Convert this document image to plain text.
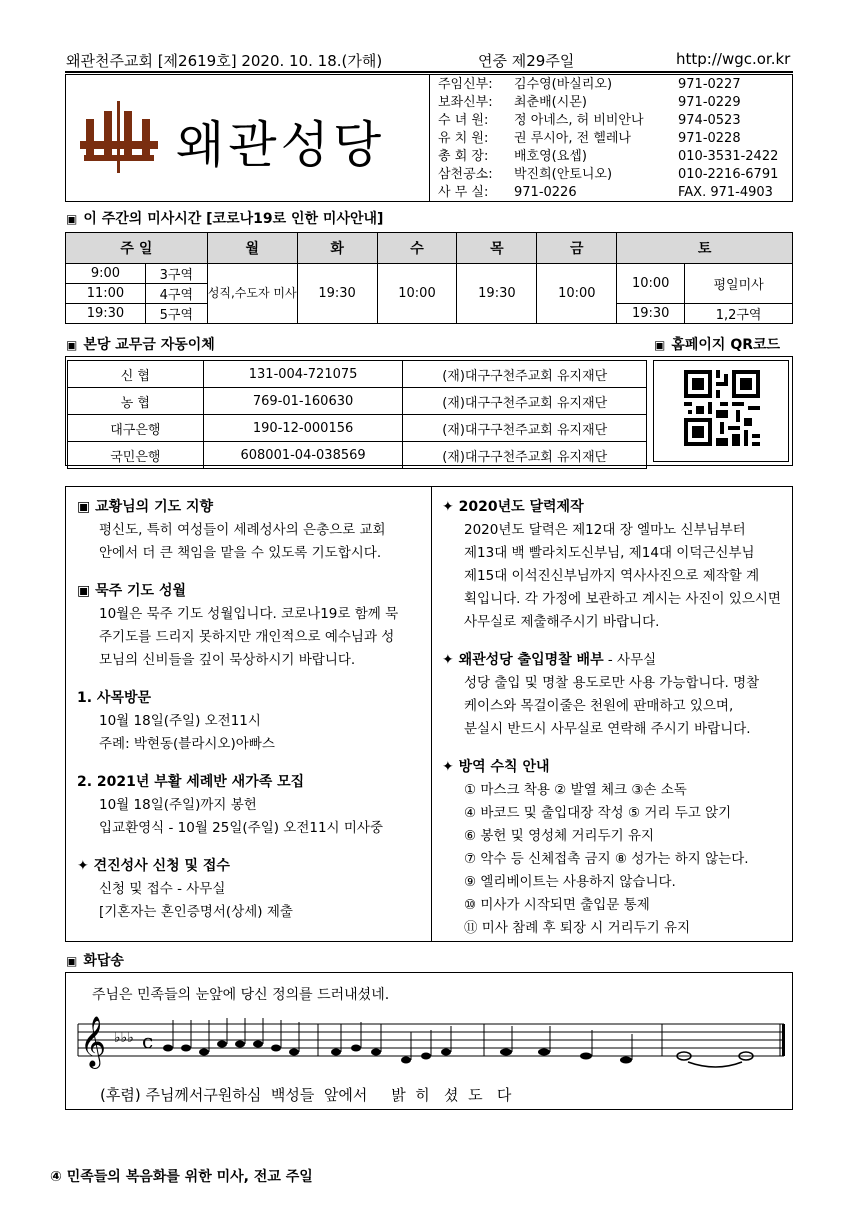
왜관천주교회 [제2619호] 2020. 10. 18.(가해)	연중 제29주일	http://wgc.or.kr
왜관성당
주임신부:	김수영(바실리오)	971-0227
보좌신부:	최춘배(시몬)	971-0229
수 녀 원:	정 아네스, 허 비비안나	974-0523
유 치 원:	권 루시아, 전 헬레나	971-0228
총 회 장:	배호영(요셉)	010-3531-2422
삼천공소:	박진희(안토니오)	010-2216-6791
사 무 실:	971-0226	FAX. 971-4903
▣ 이 주간의 미사시간 [코로나19로 인한 미사안내]
주 일		월	화	수	목	금	토	
9:00	3구역	성직,수도자 미사	19:30	10:00	19:30	10:00	10:00	평일미사
11:00	4구역							
19:30	5구역						19:30	1,2구역
▣ 본당 교무금 자동이체	▣ 홈페이지 QR코드
신 협	131-004-721075	(재)대구구천주교회 유지재단
농 협	769-01-160630	(재)대구구천주교회 유지재단
대구은행	190-12-000156	(재)대구구천주교회 유지재단
국민은행	608001-04-038569	(재)대구구천주교회 유지재단
▣ 교황님의 기도 지향
평신도, 특히 여성들이 세례성사의 은총으로 교회
안에서 더 큰 책임을 맡을 수 있도록 기도합시다.
▣ 묵주 기도 성월
10월은 묵주 기도 성월입니다. 코로나19로 함께 묵
주기도를 드리지 못하지만 개인적으로 예수님과 성
모님의 신비들을 깊이 묵상하시기 바랍니다.
1. 사목방문
10월 18일(주일) 오전11시
주례: 박현동(블라시오)아빠스
2. 2021년 부활 세례반 새가족 모집
10월 18일(주일)까지 봉헌
입교환영식 - 10월 25일(주일) 오전11시 미사중
✦ 견진성사 신청 및 접수
신청 및 접수 - 사무실
[기혼자는 혼인증명서(상세) 제출
✦ 2020년도 달력제작
2020년도 달력은 제12대 장 엘마노 신부님부터
제13대 백 빨라치도신부님, 제14대 이덕근신부님
제15대 이석진신부님까지 역사사진으로 제작할 계
획입니다. 각 가정에 보관하고 계시는 사진이 있으시면
사무실로 제출해주시기 바랍니다.
✦ 왜관성당 출입명찰 배부 - 사무실
성당 출입 및 명찰 용도로만 사용 가능합니다. 명찰
케이스와 목걸이줄은 천원에 판매하고 있으며,
분실시 반드시 사무실로 연락해 주시기 바랍니다.
✦ 방역 수칙 안내
① 마스크 착용 ② 발열 체크 ③손 소독
④ 바코드 및 출입대장 작성 ⑤ 거리 두고 앉기
⑥ 봉헌 및 영성체 거리두기 유지
⑦ 악수 등 신체접촉 금지 ⑧ 성가는 하지 않는다.
⑨ 엘리베이트는 사용하지 않습니다.
⑩ 미사가 시작되면 출입문 통제
⑪ 미사 참례 후 퇴장 시 거리두기 유지
▣ 화답송
주님은 민족들의 눈앞에 당신 정의를 드러내셨네.
𝄞 ♭♭♭ c
(후렴) 주님께서구원하심  백성들  앞에서     밝  히   셨  도   다
④ 민족들의 복음화를 위한 미사, 전교 주일
